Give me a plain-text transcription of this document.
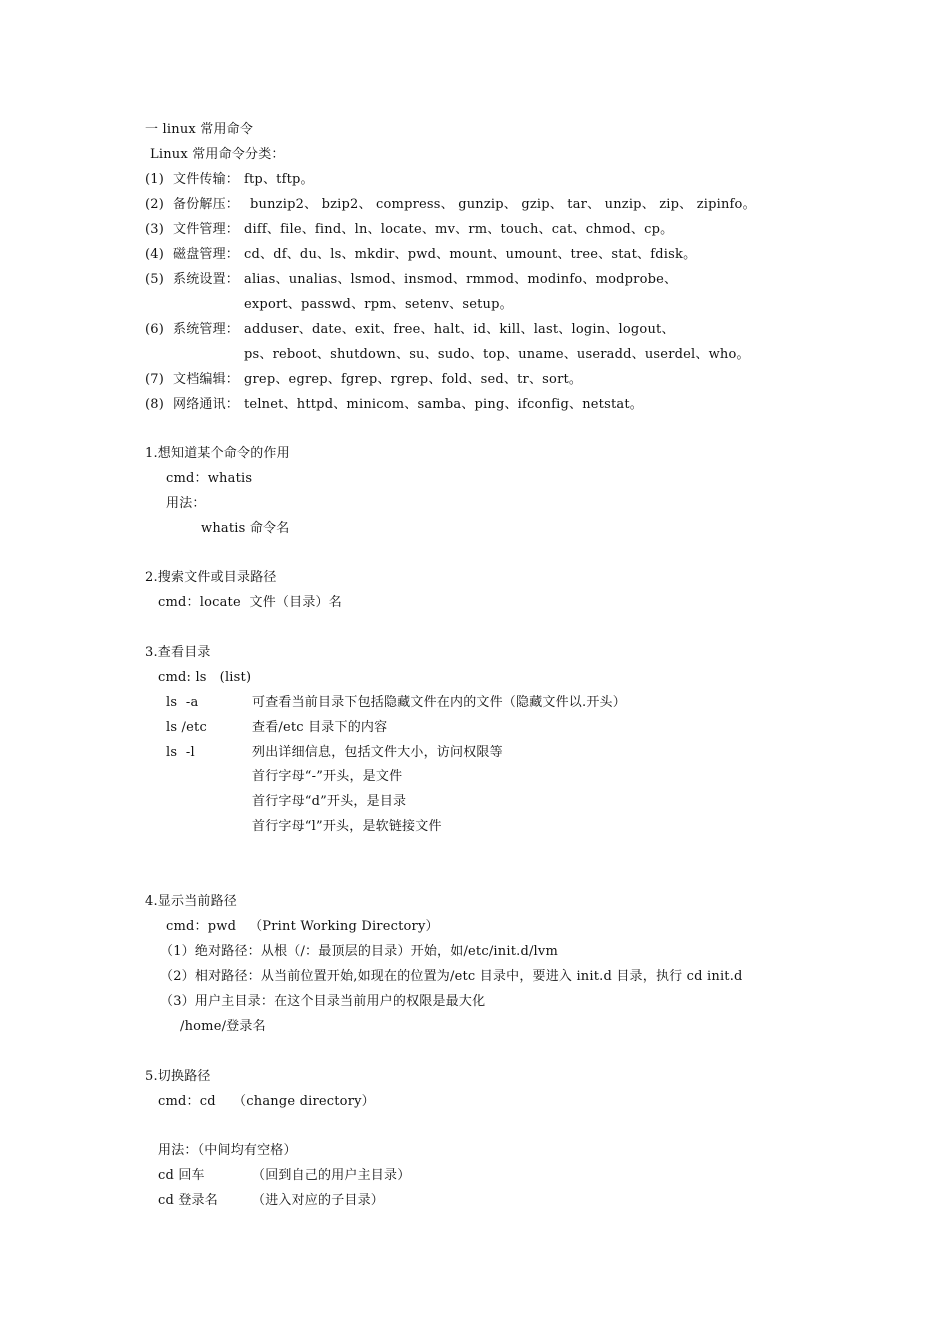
一 linux 常用命令
Linux 常用命令分类：
(1) 文件传输： ftp、tftp。
(2) 备份解压： bunzip2、 bzip2、 compress、 gunzip、 gzip、 tar、 unzip、 zip、 zipinfo。
(3) 文件管理： diff、file、find、ln、locate、mv、rm、touch、cat、chmod、cp。
(4) 磁盘管理： cd、df、du、ls、mkdir、pwd、mount、umount、tree、stat、fdisk。
(5) 系统设置： alias、unalias、lsmod、insmod、rmmod、modinfo、modprobe、
export、passwd、rpm、setenv、setup。
(6) 系统管理： adduser、date、exit、free、halt、id、kill、last、login、logout、
ps、reboot、shutdown、su、sudo、top、uname、useradd、userdel、who。
(7) 文档编辑： grep、egrep、fgrep、rgrep、fold、sed、tr、sort。
(8) 网络通讯： telnet、httpd、minicom、samba、ping、ifconfig、netstat。
1.想知道某个命令的作用
cmd：whatis
用法：
whatis 命令名
2.搜索文件或目录路径
cmd：locate  文件（目录）名
3.查看目录
cmd: ls   (list)
ls  -a	可查看当前目录下包括隐藏文件在内的文件（隐藏文件以.开头）
ls /etc	查看/etc 目录下的内容
ls  -l	列出详细信息，包括文件大小，访问权限等
首行字母“-”开头，是文件
首行字母“d”开头，是目录
首行字母“l”开头，是软链接文件
4.显示当前路径
cmd：pwd   （Print Working Directory）
（1）绝对路径：从根（/：最顶层的目录）开始，如/etc/init.d/lvm
（2）相对路径：从当前位置开始,如现在的位置为/etc 目录中，要进入 init.d 目录，执行 cd init.d
（3）用户主目录：在这个目录当前用户的权限是最大化
/home/登录名
5.切换路径
cmd：cd    （change directory）
用法：（中间均有空格）
cd 回车	（回到自己的用户主目录）
cd 登录名	（进入对应的子目录）
